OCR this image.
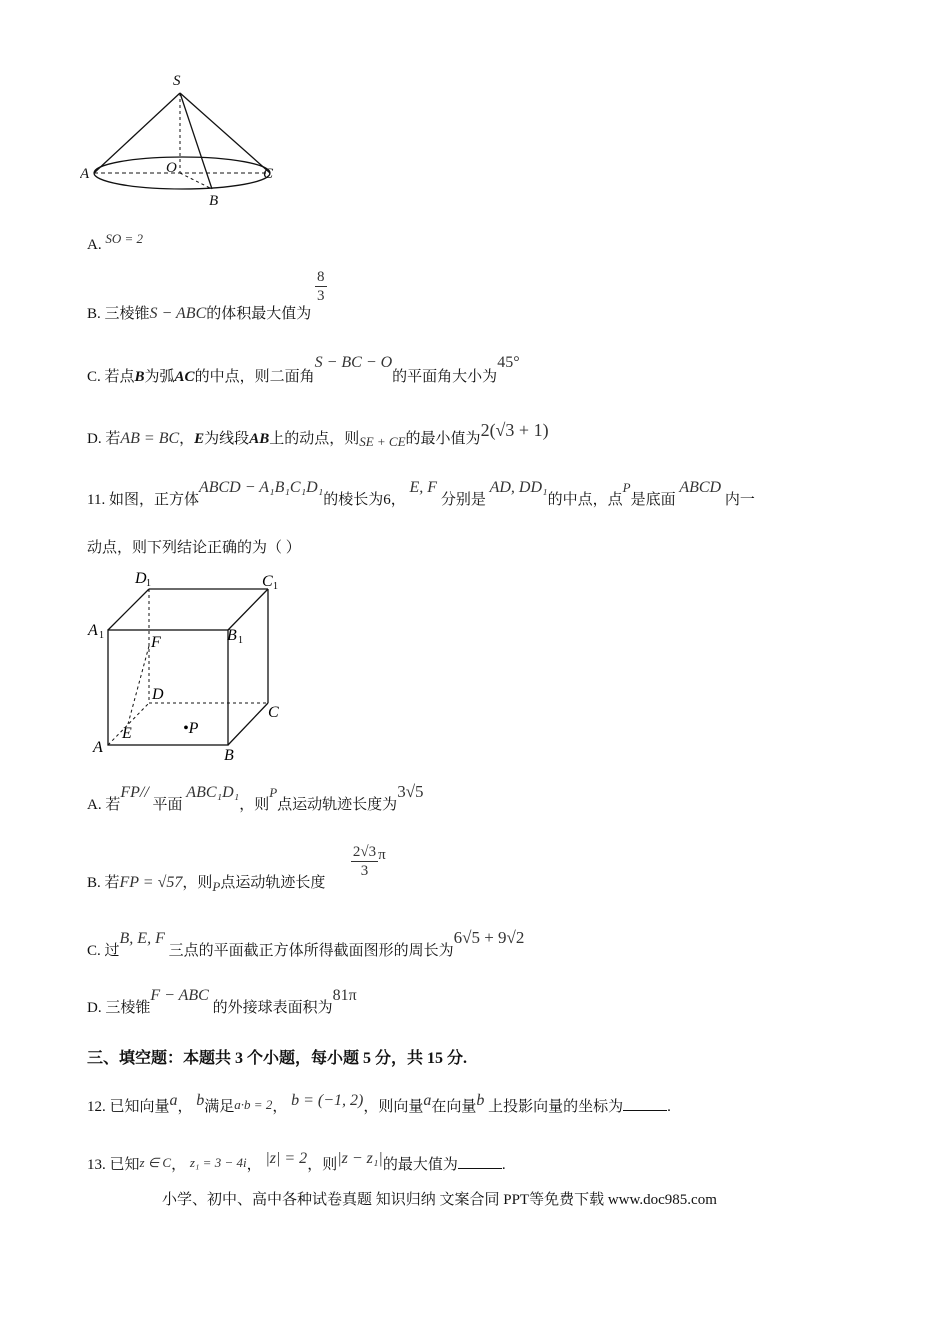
S
A	O	C
B
A. SO = 2
B. 三棱锥S − ABC的体积最大值为
$\frac{8}{3}$
C. 若点B为弧AC的中点，则二面角S − BC − O的平面角大小为45°
D. 若AB = BC，E为线段AB上的动点，则SE + CE的最小值为2(√3 + 1)
11. 如图，正方体ABCD − A₁B₁C₁D₁的棱长为6， E, F 分别是 AD, DD₁的中点，点P是底面 ABCD 内一
动点，则下列结论正确的为（ ）
D 1	C 1
A 1	B 1
F
D
C
A
E	•P
B
A. 若FP// 平面 ABC₁D₁，则P点运动轨迹长度为3√5
B. 若FP = √57，则P点运动轨迹长度
$\frac{2√3}{3}$ π
C. 过B, E, F 三点的平面截正方体所得截面图形的周长为6√5 + 9√2
D. 三棱锥F − ABC 的外接球表面积为81π
三、填空题：本题共 3 个小题，每小题 5 分，共 15 分.
12. 已知向量a， b满足a·b = 2， b = (−1, 2)，则向量a在向量b 上投影向量的坐标为	.
13. 已知z ∈ C， z₁ = 3 − 4i， |z| = 2，则|z − z₁|的最大值为	.
小学、初中、高中各种试卷真题 知识归纳 文案合同 PPT等免费下载 www.doc985.com
